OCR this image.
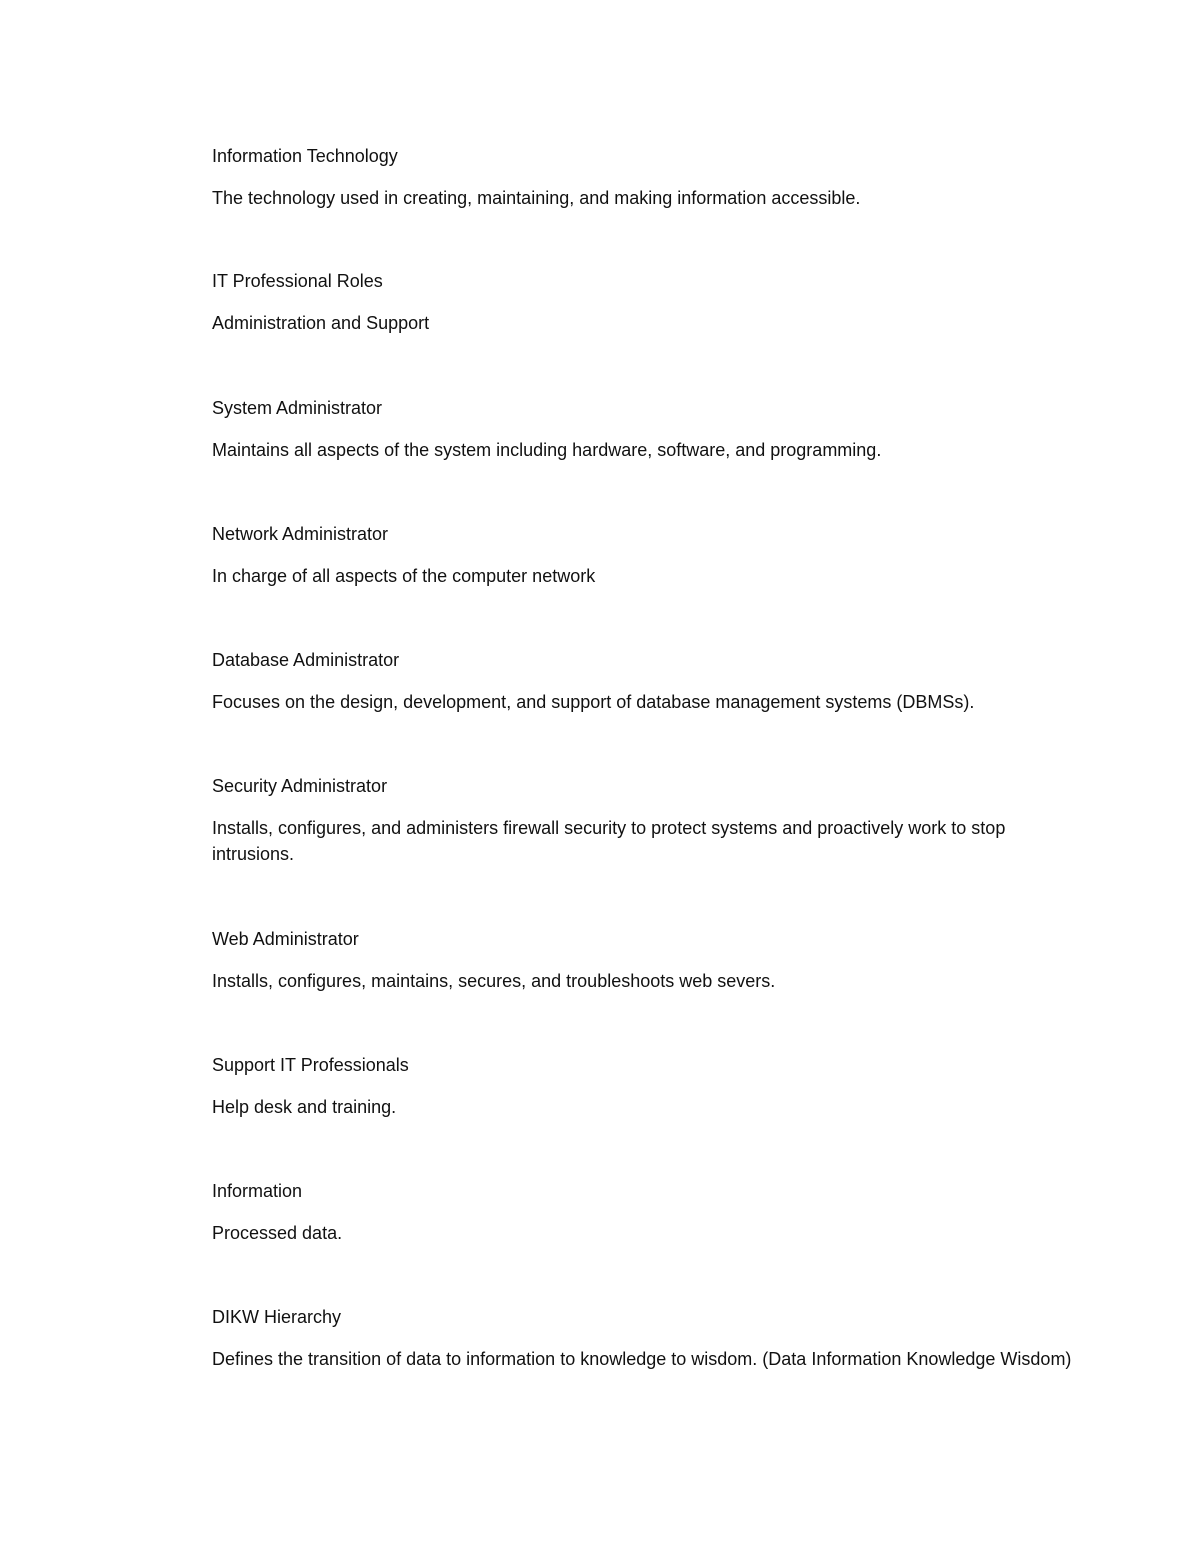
Information Technology

The technology used in creating, maintaining, and making information accessible.

IT Professional Roles

Administration and Support

System Administrator

Maintains all aspects of the system including hardware, software, and programming.

Network Administrator

In charge of all aspects of the computer network

Database Administrator

Focuses on the design, development, and support of database management systems (DBMSs).

Security Administrator

Installs, configures, and administers firewall security to protect systems and proactively work to stop intrusions.

Web Administrator

Installs, configures, maintains, secures, and troubleshoots web severs.

Support IT Professionals

Help desk and training.

Information

Processed data.

DIKW Hierarchy

Defines the transition of data to information to knowledge to wisdom. (Data Information Knowledge Wisdom)
